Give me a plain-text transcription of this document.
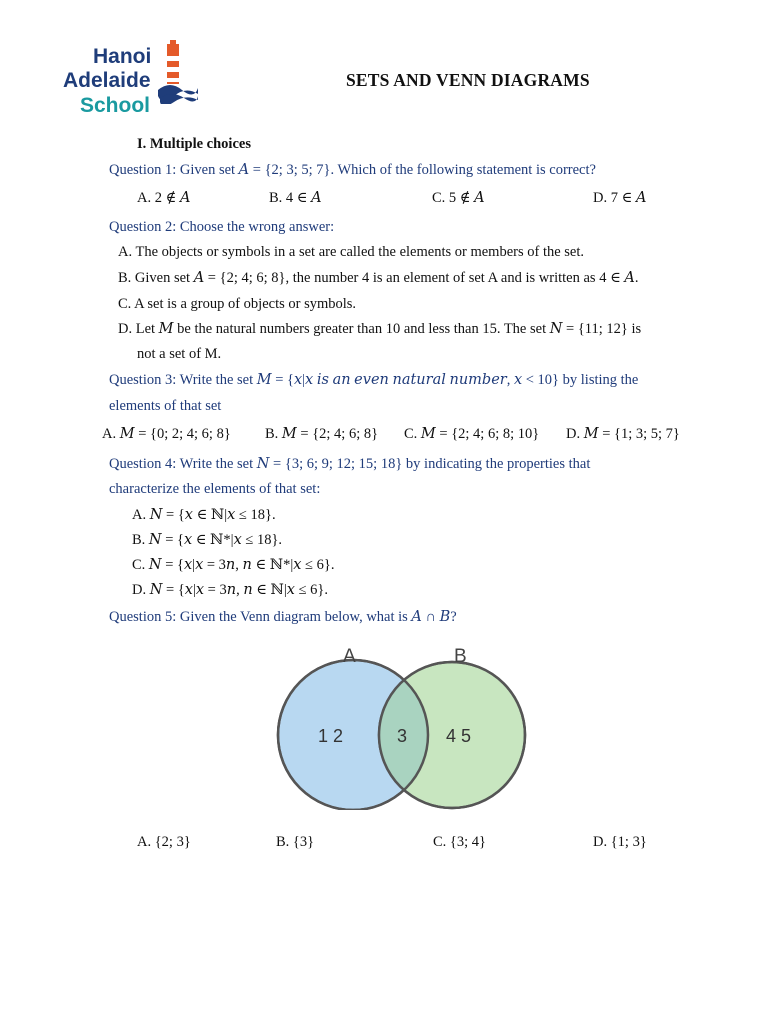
Hanoi
Adelaide
School
SETS AND VENN DIAGRAMS
I. Multiple choices
Question 1: Given set 𝐴 = {2; 3; 5; 7}. Which of the following statement is correct?
A. 2 ∉ 𝐴	B. 4 ∈ 𝐴	C. 5 ∉ 𝐴	D. 7 ∈ 𝐴
Question 2: Choose the wrong answer:
A. The objects or symbols in a set are called the elements or members of the set.
B. Given set 𝐴 = {2; 4; 6; 8}, the number 4 is an element of set A and is written as 4 ∈ 𝐴.
C. A set is a group of objects or symbols.
D. Let 𝑀 be the natural numbers greater than 10 and less than 15. The set 𝑁 = {11; 12} is
not a set of M.
Question 3: Write the set 𝑀 = {𝑥|𝑥 𝑖𝑠 𝑎𝑛 𝑒𝑣𝑒𝑛 𝑛𝑎𝑡𝑢𝑟𝑎𝑙 𝑛𝑢𝑚𝑏𝑒𝑟, 𝑥 < 10} by listing the
elements of that set
A. 𝑀 = {0; 2; 4; 6; 8} B. 𝑀 = {2; 4; 6; 8} C. 𝑀 = {2; 4; 6; 8; 10} D. 𝑀 = {1; 3; 5; 7}
Question 4: Write the set 𝑁 = {3; 6; 9; 12; 15; 18} by indicating the properties that
characterize the elements of that set:
A. 𝑁 = {𝑥 ∈ ℕ|𝑥 ≤ 18}.
B. 𝑁 = {𝑥 ∈ ℕ*|𝑥 ≤ 18}.
C. 𝑁 = {𝑥|𝑥 = 3𝑛, 𝑛 ∈ ℕ*|𝑥 ≤ 6}.
D. 𝑁 = {𝑥|𝑥 = 3𝑛, 𝑛 ∈ ℕ|𝑥 ≤ 6}.
Question 5: Given the Venn diagram below, what is 𝐴 ∩ 𝐵?
A	B
1 2	3 4 5
A. {2; 3}	B. {3}	C. {3; 4}	D. {1; 3}
